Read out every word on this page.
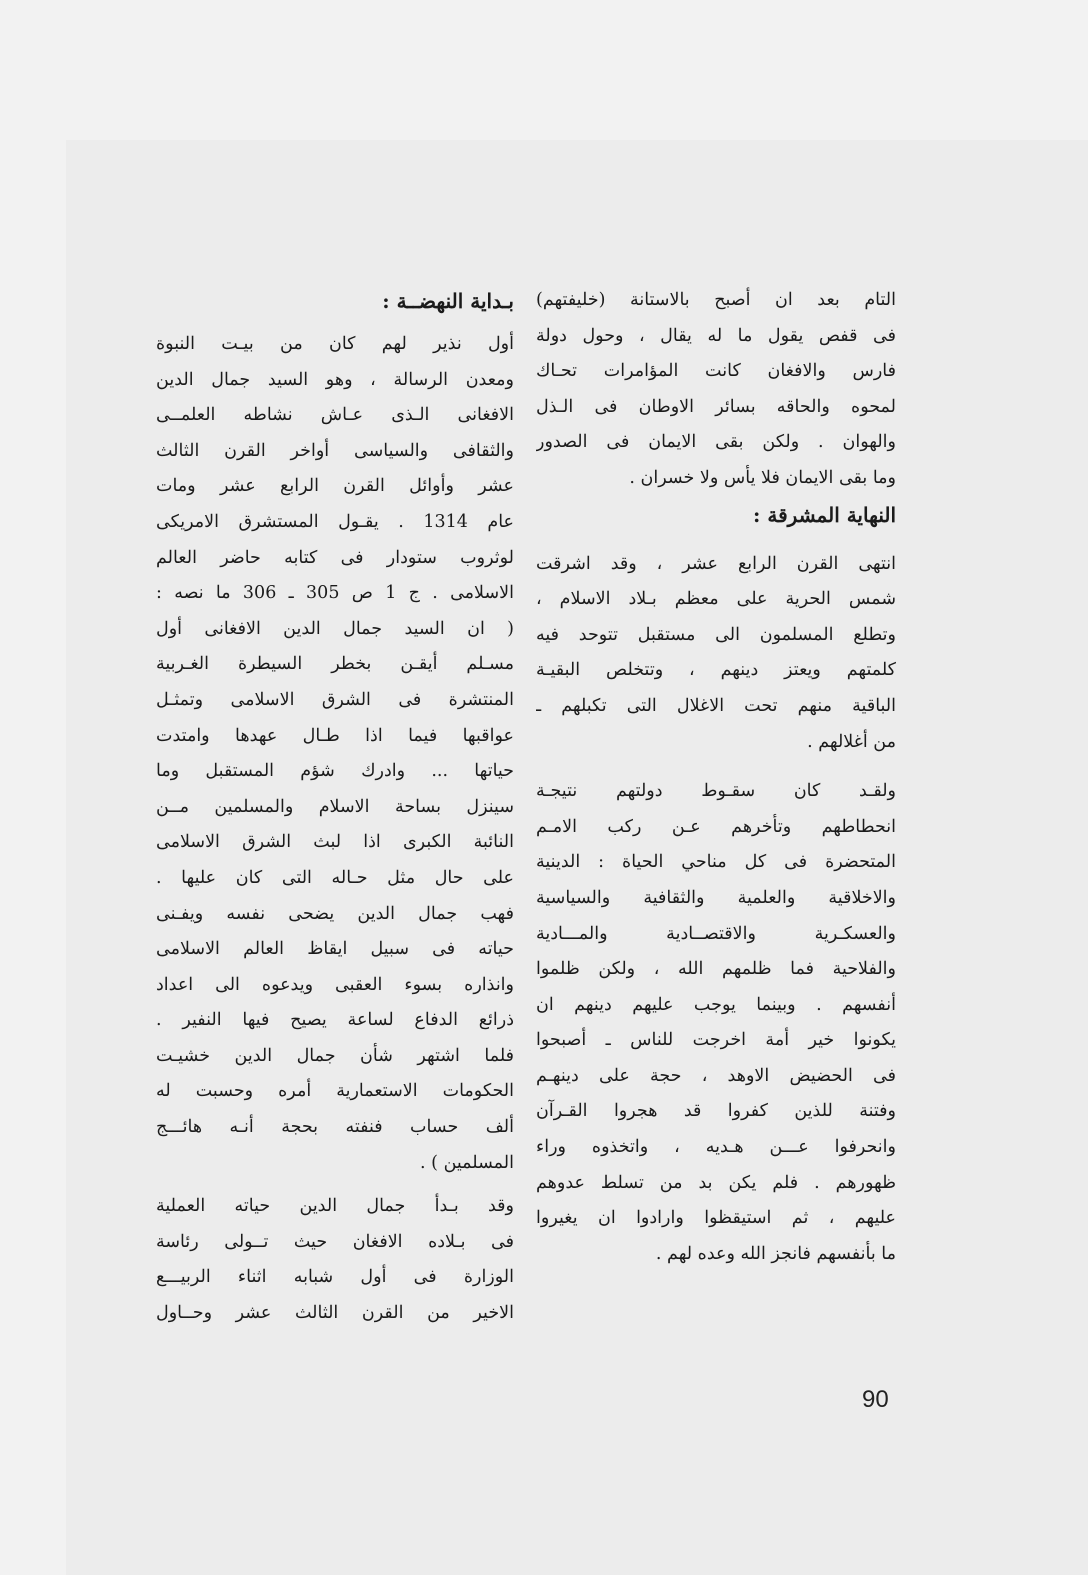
التام بعد ان أصبح بالاستانة (خليفتهم)
فى قفص يقول ما له يقال ، وحول دولة
فارس والافغان كانت المؤامرات تحـاك
لمحوه والحاقه بسائر الاوطان فى الـذل
والهوان . ولكن بقى الايمان فى الصدور
وما بقى الايمان فلا يأس ولا خسران .
النهاية المشرقة :
انتهى القرن الرابع عشر ، وقد اشرقت
شمس الحرية على معظم بـلاد الاسلام ،
وتطلع المسلمون الى مستقبل تتوحد فيه
كلمتهم ويعتز دينهم ، وتتخلص البقيـة
الباقية منهم تحت الاغلال التى تكبلهم ـ
من أغلالهم .
ولقـد كان سقـوط دولتهم نتيجـة
انحطاطهم وتأخرهم عـن ركب الامـم
المتحضرة فى كل مناحي الحياة : الدينية
والاخلاقية والعلمية والثقافية والسياسية
والعسكـرية والاقتصــادية والمـــادية
والفلاحية فما ظلمهم الله ، ولكن ظلموا
أنفسهم . وبينما يوجب عليهم دينهم ان
يكونوا خير أمة اخرجت للناس ـ أصبحوا
فى الحضيض الاوهد ، حجة على دينهـم
وفتنة للذين كفروا قد هجروا القـرآن
وانحرفوا عـــن هـديه ، واتخذوه وراء
ظهورهم . فلم يكن بد من تسلط عدوهم
عليهم ، ثم استيقظوا وارادوا ان يغيروا
ما بأنفسهم فانجز الله وعده لهم .
بـداية النهضــة :
أول نذير لهم كان من بيـت النبوة
ومعدن الرسالة ، وهو السيد جمال الدين
الافغانى الـذى عـاش نشاطه العلمــى
والثقافى والسياسى أواخر القرن الثالث
عشر وأوائل القرن الرابع عشر ومات
عام 1314 . يقـول المستشرق الامريكى
لوثروب ستودار فى كتابه حاضر العالم
الاسلامى . ج 1 ص 305 ـ 306 ما نصه :
( ان السيد جمال الدين الافغانى أول
مسـلم أيقـن بخطر السيطرة الغـربية
المنتشرة فى الشرق الاسلامى وتمثـل
عواقبها فيما اذا طـال عهدها وامتدت
حياتها ... وادرك شؤم المستقبل وما
سينزل بساحة الاسلام والمسلمين مــن
النائبة الكبرى اذا لبث الشرق الاسلامى
على حال مثل حـاله التى كان عليها .
فهب جمال الدين يضحى نفسه ويفـنى
حياته فى سبيل ايقاظ العالم الاسلامى
وانذاره بسوء العقبى ويدعوه الى اعداد
ذرائع الدفاع لساعة يصيح فيها النفير .
فلما اشتهر شأن جمال الدين خشيـت
الحكومات الاستعمارية أمره وحسبت له
ألف حساب فنفته بحجة أنـه هائـــج
المسلمين ) .
وقد بـدأ جمال الدين حياته العملية
فى بـلاده الافغان حيث تــولى رئاسة
الوزارة فى أول شبابه اثناء الربيـــع
الاخير من القرن الثالث عشر وحــاول
90
